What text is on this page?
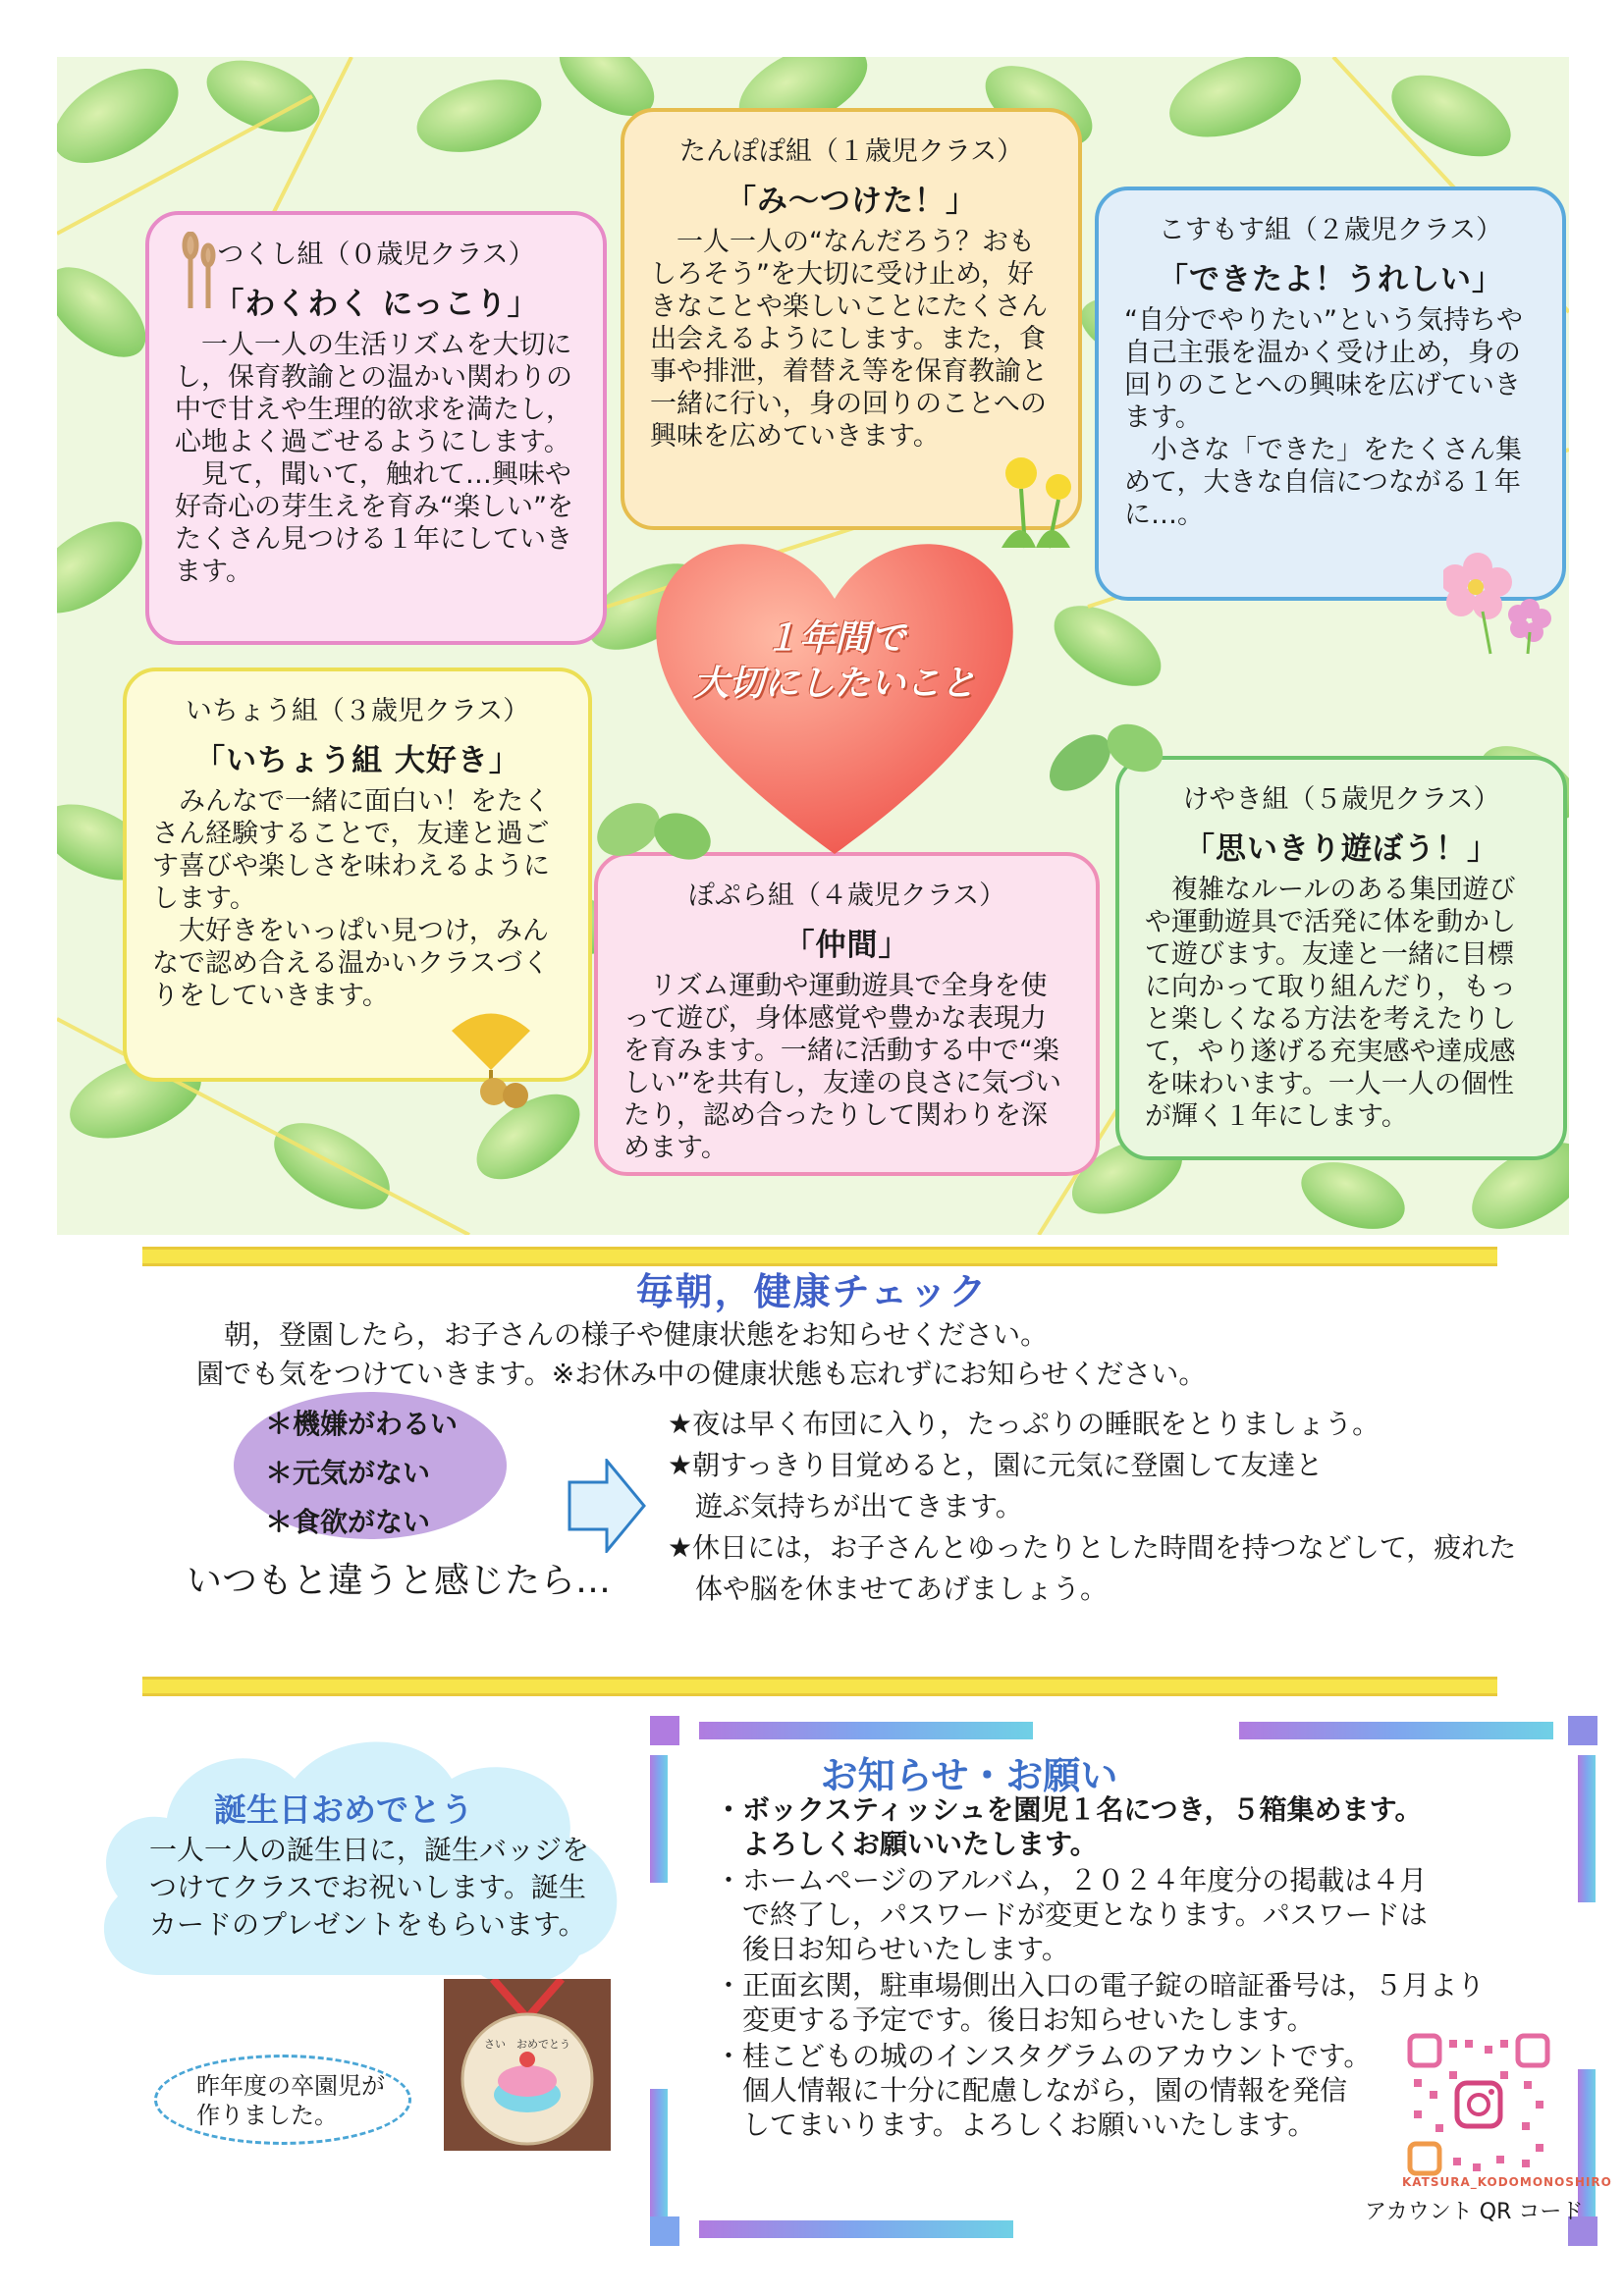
つくし組（０歳児クラス）

「わくわく にっこり」

　一人一人の生活リズムを大切にし，保育教諭との温かい関わりの中で甘えや生理的欲求を満たし，心地よく過ごせるようにします。
　見て，聞いて，触れて…興味や好奇心の芽生えを育み“楽しい”をたくさん見つける１年にしていきます。

たんぽぽ組（１歳児クラス）

「み～つけた！」

　一人一人の“なんだろう？おもしろそう”を大切に受け止め，好きなことや楽しいことにたくさん出会えるようにします。また，食事や排泄，着替え等を保育教諭と一緒に行い，身の回りのことへの興味を広めていきます。

こすもす組（２歳児クラス）

「できたよ！うれしい」

“自分でやりたい”という気持ちや自己主張を温かく受け止め，身の回りのことへの興味を広げていきます。
　小さな「できた」をたくさん集めて，大きな自信につながる１年に…。

いちょう組（３歳児クラス）

「いちょう組 大好き」

　みんなで一緒に面白い！をたくさん経験することで，友達と過ごす喜びや楽しさを味わえるようにします。
　大好きをいっぱい見つけ，みんなで認め合える温かいクラスづくりをしていきます。

ぽぷら組（４歳児クラス）

「仲間」

　リズム運動や運動遊具で全身を使って遊び，身体感覚や豊かな表現力を育みます。一緒に活動する中で“楽しい”を共有し，友達の良さに気づいたり，認め合ったりして関わりを深めます。

けやき組（５歳児クラス）

「思いきり遊ぼう！」

　複雑なルールのある集団遊びや運動遊具で活発に体を動かして遊びます。友達と一緒に目標に向かって取り組んだり，もっと楽しくなる方法を考えたりして，やり遂げる充実感や達成感を味わいます。一人一人の個性が輝く１年にします。

１年間で
大切にしたいこと
毎朝，健康チェック

　朝，登園したら，お子さんの様子や健康状態をお知らせください。
園でも気をつけていきます。※お休み中の健康状態も忘れずにお知らせください。

＊機嫌がわるい
＊元気がない
＊食欲がない
いつもと違うと感じたら…
★夜は早く布団に入り，たっぷりの睡眠をとりましょう。
★朝すっきり目覚めると，園に元気に登園して友達と
　遊ぶ気持ちが出てきます。
★休日には，お子さんとゆったりとした時間を持つなどして，疲れた
　体や脳を休ませてあげましょう。
誕生日おめでとう

一人一人の誕生日に，誕生バッジをつけてクラスでお祝いします。誕生カードのプレゼントをもらいます。

さい　おめでとう

昨年度の卒園児が
作りました。

お知らせ・お願い
・ボックスティッシュを園児１名につき，５箱集めます。
　よろしくお願いいたします。
・ホームページのアルバム，２０２４年度分の掲載は４月
　で終了し，パスワードが変更となります。パスワードは
　後日お知らせいたします。
・正面玄関，駐車場側出入口の電子錠の暗証番号は，５月より
　変更する予定です。後日お知らせいたします。
・桂こどもの城のインスタグラムのアカウントです。
　個人情報に十分に配慮しながら，園の情報を発信
　してまいります。よろしくお願いいたします。
KATSURA_KODOMONOSHIRO
アカウント QR コード
